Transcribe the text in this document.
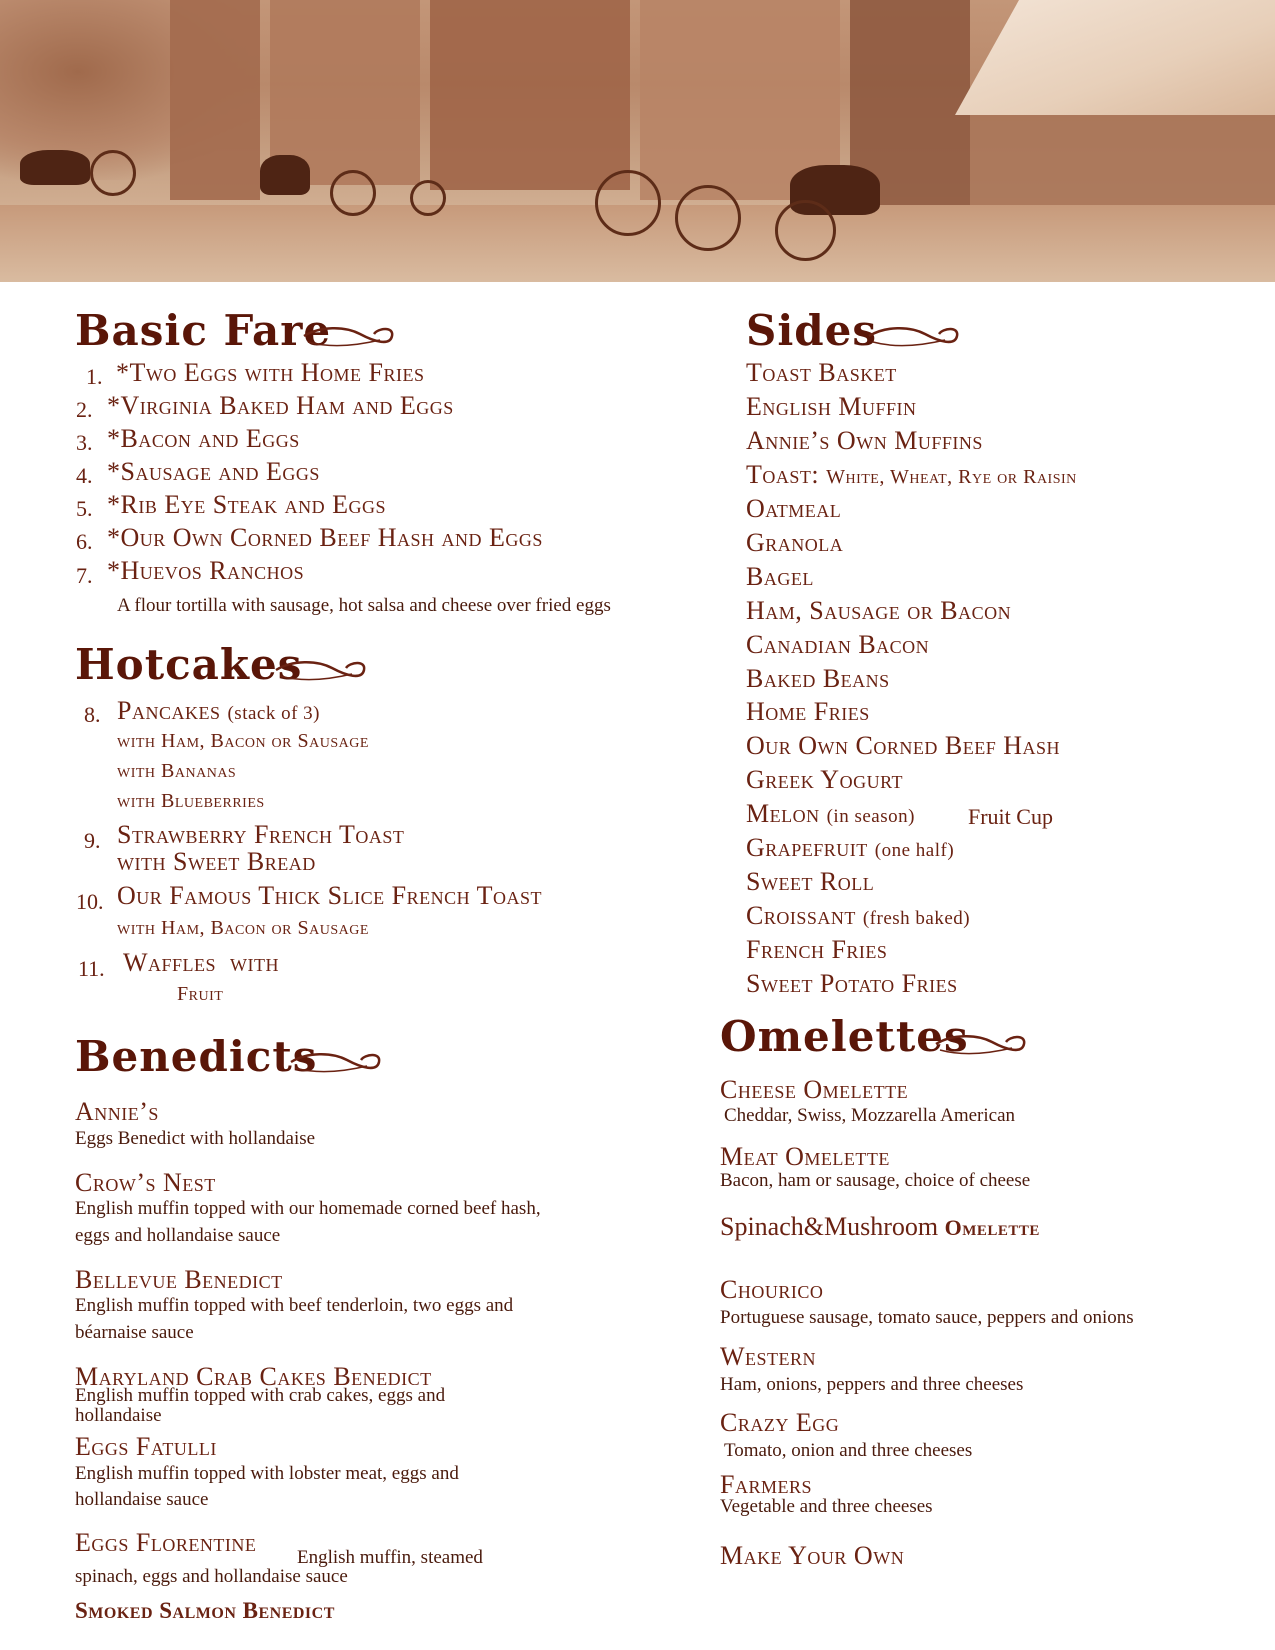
Basic Fare
1. *Two Eggs with Home Fries
2. *Virginia Baked Ham and Eggs
3. *Bacon and Eggs
4. *Sausage and Eggs
5. *Rib Eye Steak and Eggs
6. *Our Own Corned Beef Hash and Eggs
7. *Huevos Ranchos
A flour tortilla with sausage, hot salsa and cheese over fried eggs
Hotcakes
8. Pancakes (stack of 3)
with Ham, Bacon or Sausage
with Bananas
with Blueberries
9. Strawberry French Toast
with Sweet Bread
10. Our Famous Thick Slice French Toast
with Ham, Bacon or Sausage
11. Waffles  with
Fruit
Benedicts
Annie’s
Eggs Benedict with hollandaise
Crow’s Nest
English muffin topped with our homemade corned beef hash,
eggs and hollandaise sauce
Bellevue Benedict
English muffin topped with beef tenderloin, two eggs and
béarnaise sauce
Maryland Crab Cakes Benedict
English muffin topped with crab cakes, eggs and
hollandaise
Eggs Fatulli
English muffin topped with lobster meat, eggs and
hollandaise sauce
Eggs Florentine
English muffin, steamed
spinach, eggs and hollandaise sauce
Smoked Salmon Benedict
Sides
Toast Basket
English Muffin
Annie’s Own Muffins
Toast: White, Wheat, Rye or Raisin
Oatmeal
Granola
Bagel
Ham, Sausage or Bacon
Canadian Bacon
Baked Beans
Home Fries
Our Own Corned Beef Hash
Greek Yogurt
Melon (in season) Fruit Cup
Grapefruit (one half)
Sweet Roll
Croissant (fresh baked)
French Fries
Sweet Potato Fries
Omelettes
Cheese Omelette
Cheddar, Swiss, Mozzarella American
Meat Omelette
Bacon, ham or sausage, choice of cheese
Spinach&Mushroom Omelette
Chourico
Portuguese sausage, tomato sauce, peppers and onions
Western
Ham, onions, peppers and three cheeses
Crazy Egg
Tomato, onion and three cheeses
Farmers
Vegetable and three cheeses
Make Your Own
